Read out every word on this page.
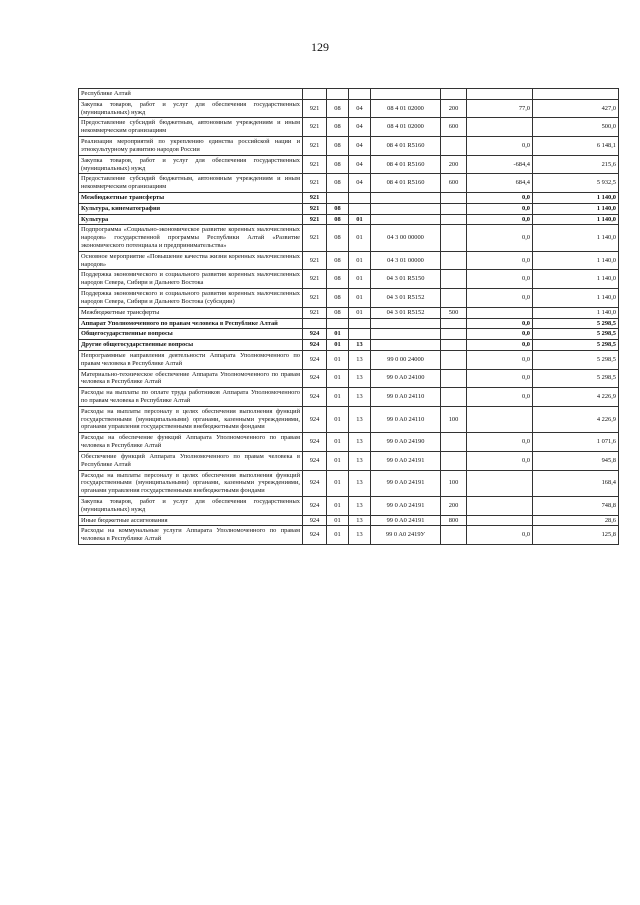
129
Республике Алтай							
Закупка товаров, работ и услуг для обеспечения государственных (муниципальных) нужд	921	08	04	08 4 01 02000	200	77,0	427,0
Предоставление субсидий бюджетным, автономным учреждениям и иным некоммерческим организациям	921	08	04	08 4 01 02000	600		500,0
Реализация мероприятий по укреплению единства российской нации и этнокультурному развитию народов России	921	08	04	08 4 01 R5160		0,0	6 148,1
Закупка товаров, работ и услуг для обеспечения государственных (муниципальных) нужд	921	08	04	08 4 01 R5160	200	-684,4	215,6
Предоставление субсидий бюджетным, автономным учреждениям и иным некоммерческим организациям	921	08	04	08 4 01 R5160	600	684,4	5 932,5
Межбюджетные трансферты	921					0,0	1 140,0
Культура, кинематография	921	08				0,0	1 140,0
Культура	921	08	01			0,0	1 140,0
Подпрограмма «Социально-экономическое развитие коренных малочисленных народов» государственной программы Республики Алтай «Развитие экономического потенциала и предпринимательства»	921	08	01	04 3 00 00000		0,0	1 140,0
Основное мероприятие «Повышение качества жизни коренных малочисленных народов»	921	08	01	04 3 01 00000		0,0	1 140,0
Поддержка экономического и социального развития коренных малочисленных народов Севера, Сибири и Дальнего Востока	921	08	01	04 3 01 R5150		0,0	1 140,0
Поддержка экономического и социального развития коренных малочисленных народов Севера, Сибири и Дальнего Востока (субсидии)	921	08	01	04 3 01 R5152		0,0	1 140,0
Межбюджетные трансферты	921	08	01	04 3 01 R5152	500		1 140,0
Аппарат Уполномоченного по правам человека в Республике Алтай						0,0	5 298,5
Общегосударственные вопросы	924	01				0,0	5 298,5
Другие общегосударственные вопросы	924	01	13			0,0	5 298,5
Непрограммные направления деятельности Аппарата Уполномоченного по правам человека в Республике Алтай	924	01	13	99 0 00 24000		0,0	5 298,5
Материально-техническое обеспечение Аппарата Уполномоченного по правам человека в Республике Алтай	924	01	13	99 0 A0 24100		0,0	5 298,5
Расходы на выплаты по оплате труда работников Аппарата Уполномоченного по правам человека в Республике Алтай	924	01	13	99 0 A0 24110		0,0	4 226,9
Расходы на выплаты персоналу в целях обеспечения выполнения функций государственными (муниципальными) органами, казенными учреждениями, органами управления государственными внебюджетными фондами	924	01	13	99 0 A0 24110	100		4 226,9
Расходы на обеспечение функций Аппарата Уполномоченного по правам человека в Республике Алтай	924	01	13	99 0 A0 24190		0,0	1 071,6
Обеспечение функций Аппарата Уполномоченного по правам человека в Республике Алтай	924	01	13	99 0 A0 24191		0,0	945,8
Расходы на выплаты персоналу в целях обеспечения выполнения функций государственными (муниципальными) органами, казенными учреждениями, органами управления государственными внебюджетными фондами	924	01	13	99 0 A0 24191	100		168,4
Закупка товаров, работ и услуг для обеспечения государственных (муниципальных) нужд	924	01	13	99 0 A0 24191	200		748,8
Иные бюджетные ассигнования	924	01	13	99 0 A0 24191	800		28,6
Расходы на коммунальные услуги Аппарата Уполномоченного по правам человека в Республике Алтай	924	01	13	99 0 A0 2419У		0,0	125,8
